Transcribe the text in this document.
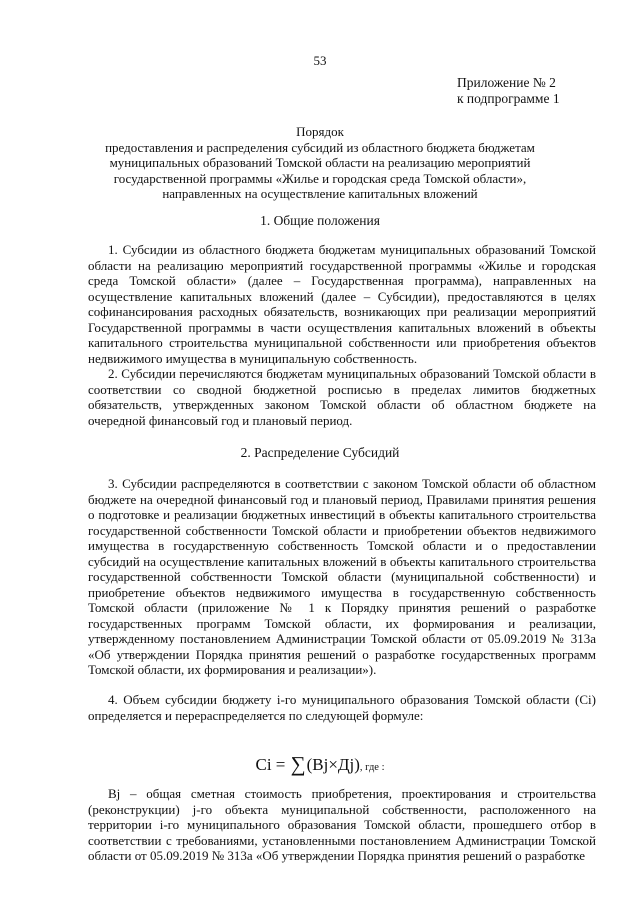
53
Приложение № 2
к подпрограмме 1
Порядок
предоставления и распределения субсидий из областного бюджета бюджетам
муниципальных образований Томской области на реализацию мероприятий
государственной программы «Жилье и городская среда Томской области»,
направленных на осуществление капитальных вложений
1. Общие положения
1. Субсидии из областного бюджета бюджетам муниципальных образований Томской области на реализацию мероприятий государственной программы «Жилье и городская среда Томской области» (далее – Государственная программа), направленных на осуществление капитальных вложений (далее – Субсидии), предоставляются в целях софинансирования расходных обязательств, возникающих при реализации мероприятий Государственной программы в части осуществления капитальных вложений в объекты капитального строительства муниципальной собственности или приобретения объектов недвижимого имущества в муниципальную собственность.
2. Субсидии перечисляются бюджетам муниципальных образований Томской области в соответствии со сводной бюджетной росписью в пределах лимитов бюджетных обязательств, утвержденных законом Томской области об областном бюджете на очередной финансовый год и плановый период.
2. Распределение Субсидий
3. Субсидии распределяются в соответствии с законом Томской области об областном бюджете на очередной финансовый год и плановый период, Правилами принятия решения о подготовке и реализации бюджетных инвестиций в объекты капитального строительства государственной собственности Томской области и приобретении объектов недвижимого имущества в государственную собственность Томской области и о предоставлении субсидий на осуществление капитальных вложений в объекты капитального строительства государственной собственности Томской области (муниципальной собственности) и приобретение объектов недвижимого имущества в государственную собственность Томской области (приложение № 1 к Порядку принятия решений о разработке государственных программ Томской области, их формирования и реализации, утвержденному постановлением Администрации Томской области от 05.09.2019 № 313а «Об утверждении Порядка принятия решений о разработке государственных программ Томской области, их формирования и реализации»).
4. Объем субсидии бюджету i-го муниципального образования Томской области (Ci) определяется и перераспределяется по следующей формуле:
Ci = ∑(Bj×Дj), где :
Bj – общая сметная стоимость приобретения, проектирования и строительства (реконструкции) j-го объекта муниципальной собственности, расположенного на территории i-го муниципального образования Томской области, прошедшего отбор в соответствии с требованиями, установленными постановлением Администрации Томской области от 05.09.2019 № 313а «Об утверждении Порядка принятия решений о разработке
